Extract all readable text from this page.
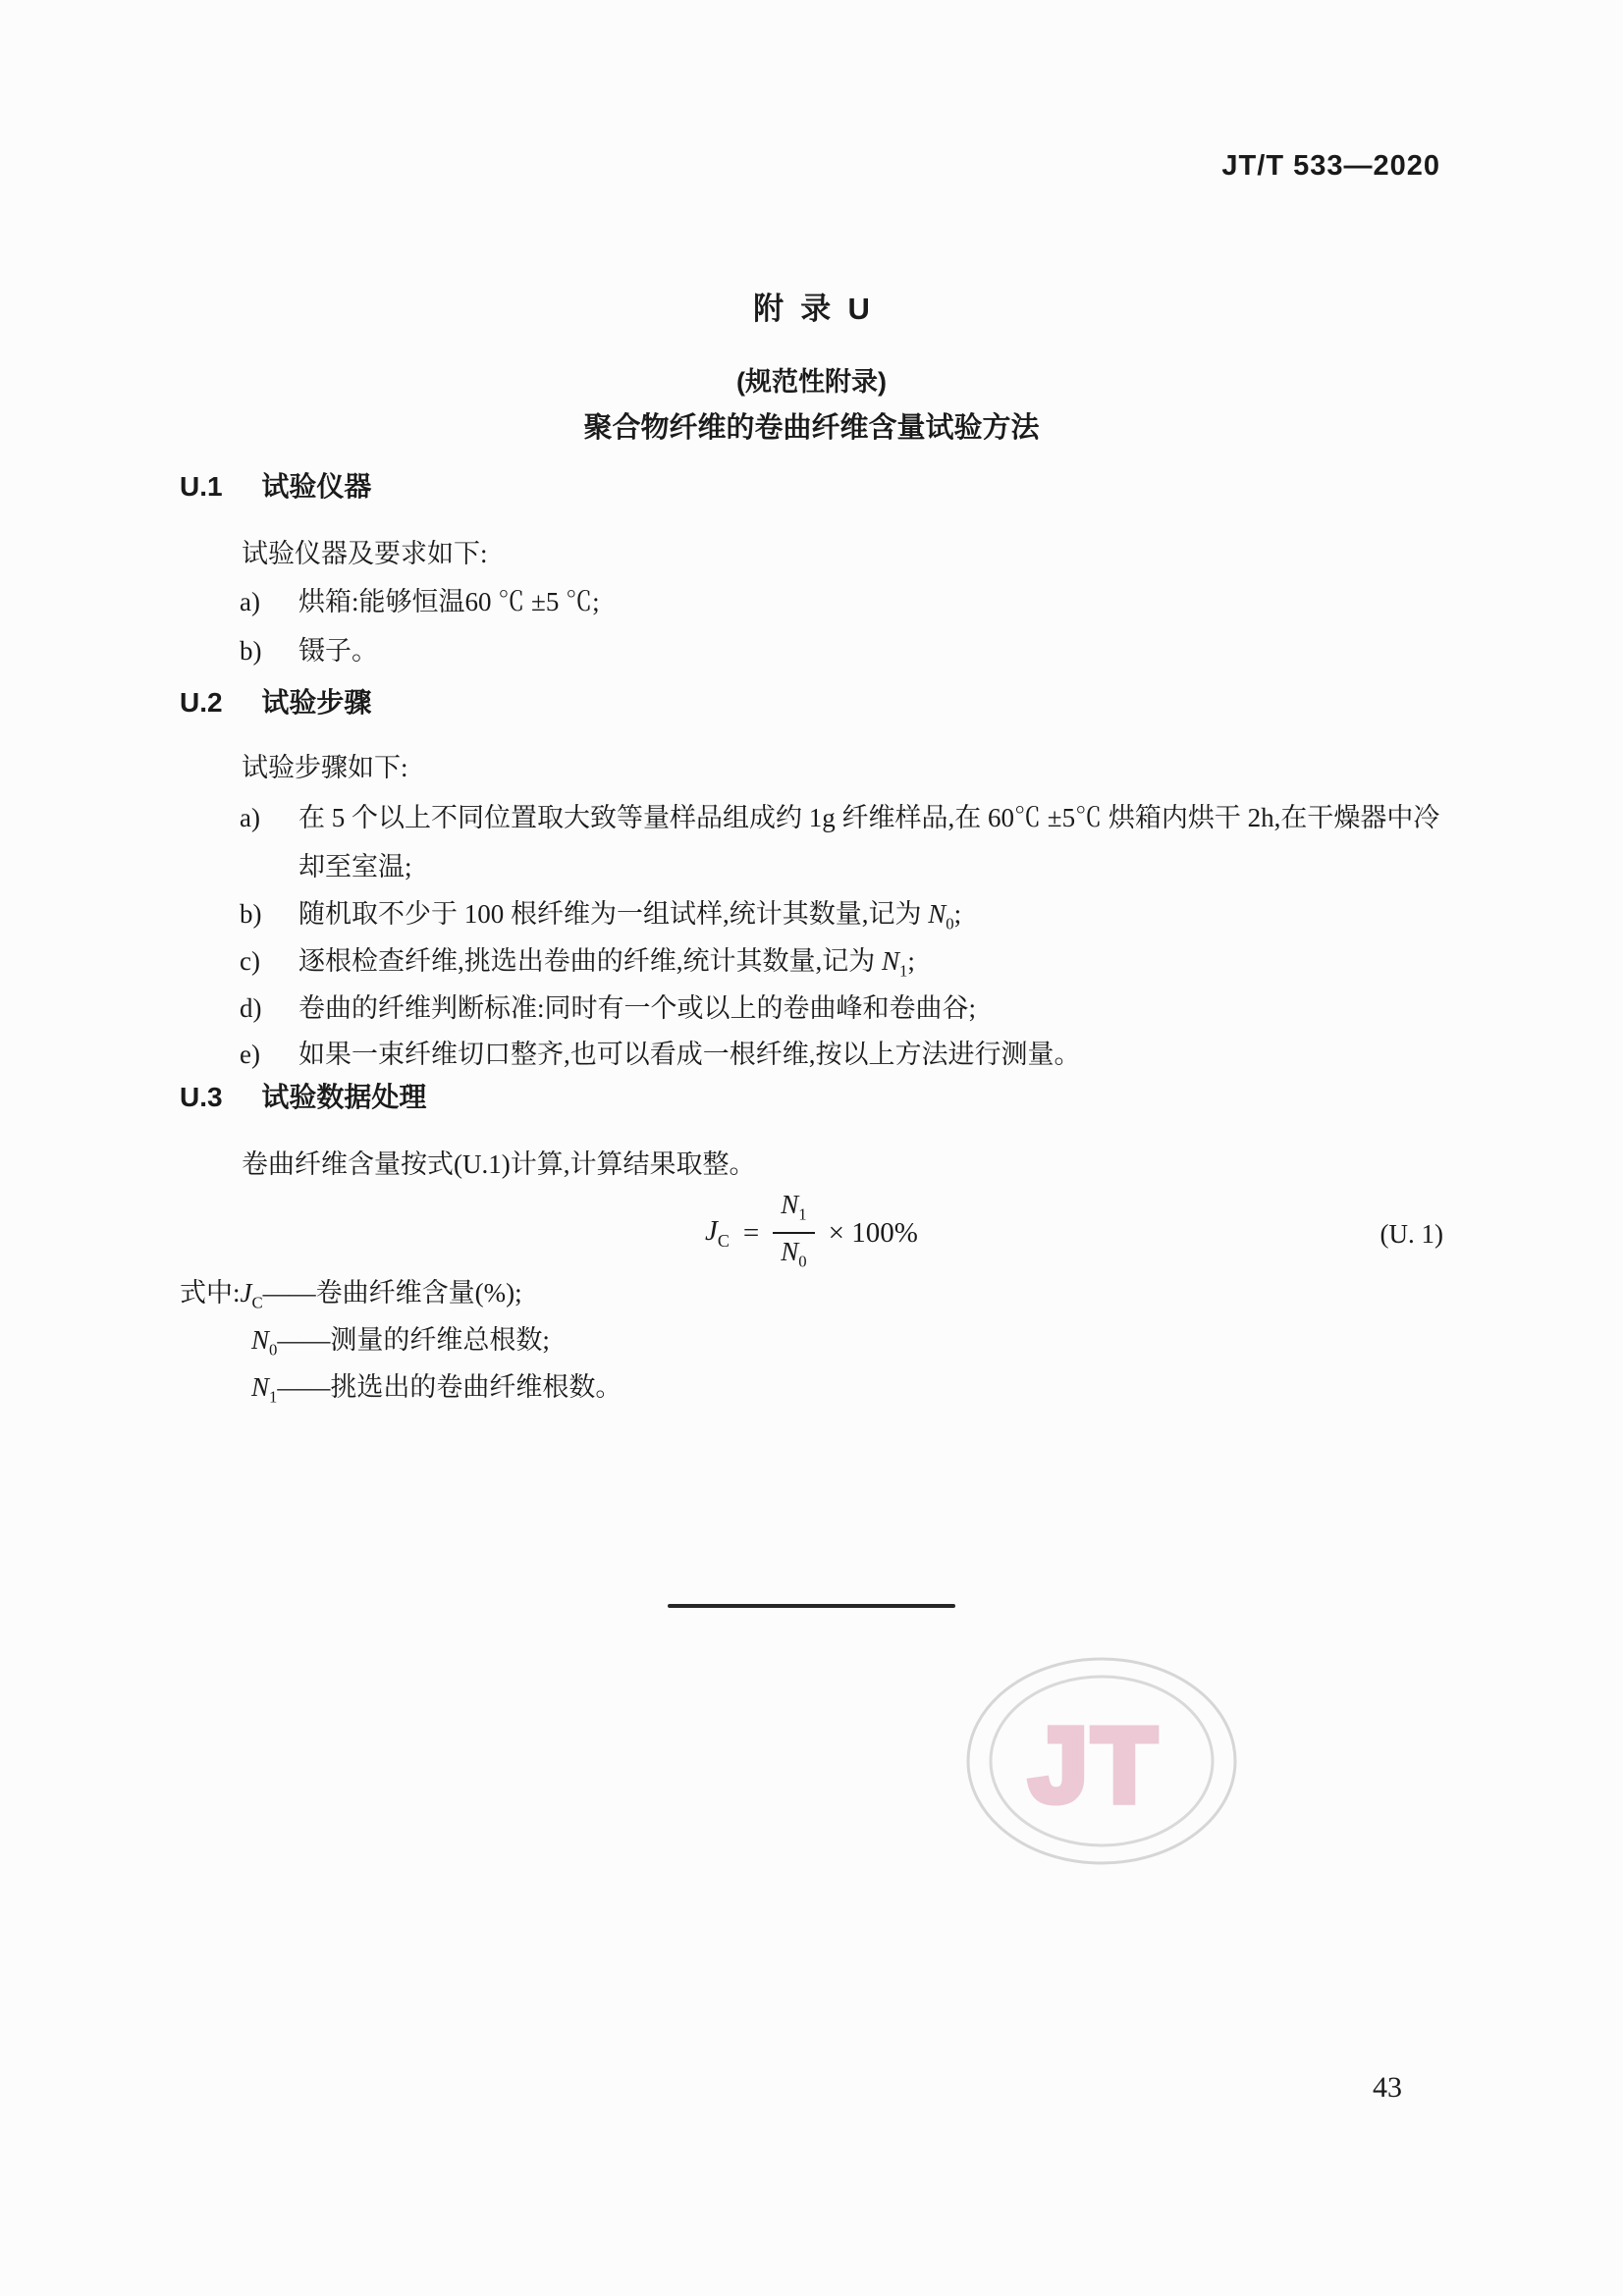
JT/T 533—2020
附  录  U
(规范性附录)
聚合物纤维的卷曲纤维含量试验方法
U.1 试验仪器

试验仪器及要求如下:

a) 烘箱:能够恒温60 ℃ ±5 ℃;
b) 镊子。
U.2 试验步骤

试验步骤如下:

a) 在 5 个以上不同位置取大致等量样品组成约 1g 纤维样品,在 60℃ ±5℃ 烘箱内烘干 2h,在干燥器中冷却至室温;
b) 随机取不少于 100 根纤维为一组试样,统计其数量,记为 $N_0$;
c) 逐根检查纤维,挑选出卷曲的纤维,统计其数量,记为 $N_1$;
d) 卷曲的纤维判断标准:同时有一个或以上的卷曲峰和卷曲谷;
e) 如果一束纤维切口整齐,也可以看成一根纤维,按以上方法进行测量。
U.3 试验数据处理

卷曲纤维含量按式(U.1)计算,计算结果取整。

$J_C = \frac{N_1}{N_0} \times 100\%$	(U. 1)
式中$:J_C——$卷曲纤维含量(%);
$N_0——$测量的纤维总根数;
$N_1——$挑选出的卷曲纤维根数。
JT
43
